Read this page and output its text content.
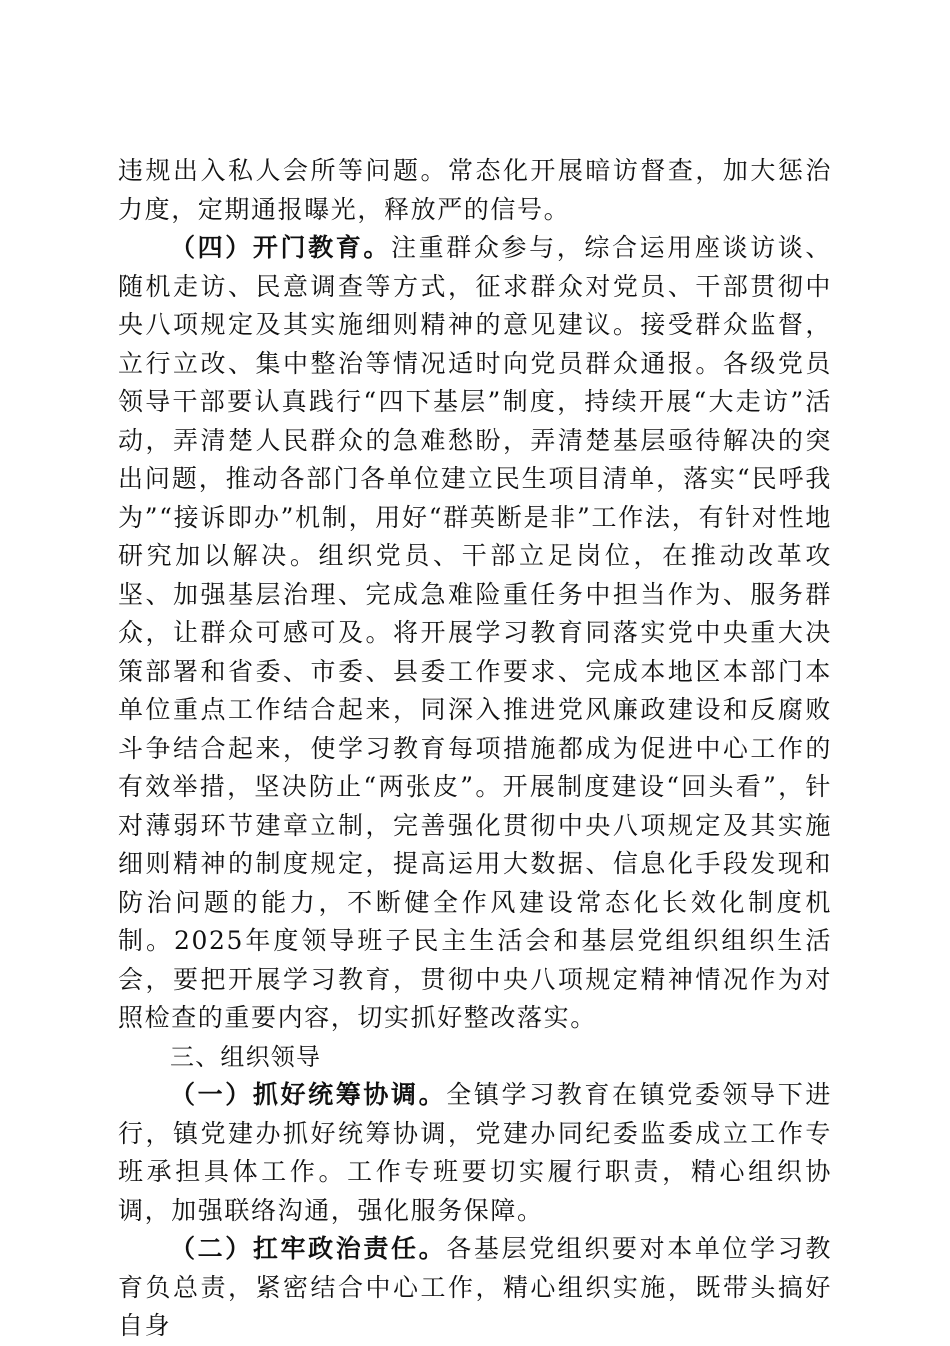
违规出入私人会所等问题。常态化开展暗访督查，加大惩治力度，定期通报曝光，释放严的信号。

（四）开门教育。注重群众参与，综合运用座谈访谈、随机走访、民意调查等方式，征求群众对党员、干部贯彻中央八项规定及其实施细则精神的意见建议。接受群众监督，立行立改、集中整治等情况适时向党员群众通报。各级党员领导干部要认真践行“四下基层”制度，持续开展“大走访”活动，弄清楚人民群众的急难愁盼，弄清楚基层亟待解决的突出问题，推动各部门各单位建立民生项目清单，落实“民呼我为”“接诉即办”机制，用好“群英断是非”工作法，有针对性地研究加以解决。组织党员、干部立足岗位，在推动改革攻坚、加强基层治理、完成急难险重任务中担当作为、服务群众，让群众可感可及。将开展学习教育同落实党中央重大决策部署和省委、市委、县委工作要求、完成本地区本部门本单位重点工作结合起来，同深入推进党风廉政建设和反腐败斗争结合起来，使学习教育每项措施都成为促进中心工作的有效举措，坚决防止“两张皮”。开展制度建设“回头看”，针对薄弱环节建章立制，完善强化贯彻中央八项规定及其实施细则精神的制度规定，提高运用大数据、信息化手段发现和防治问题的能力，不断健全作风建设常态化长效化制度机制。2025年度领导班子民主生活会和基层党组织组织生活会，要把开展学习教育，贯彻中央八项规定精神情况作为对照检查的重要内容，切实抓好整改落实。

三、组织领导

（一）抓好统筹协调。全镇学习教育在镇党委领导下进行，镇党建办抓好统筹协调，党建办同纪委监委成立工作专班承担具体工作。工作专班要切实履行职责，精心组织协调，加强联络沟通，强化服务保障。

（二）扛牢政治责任。各基层党组织要对本单位学习教育负总责，紧密结合中心工作，精心组织实施，既带头搞好自身
